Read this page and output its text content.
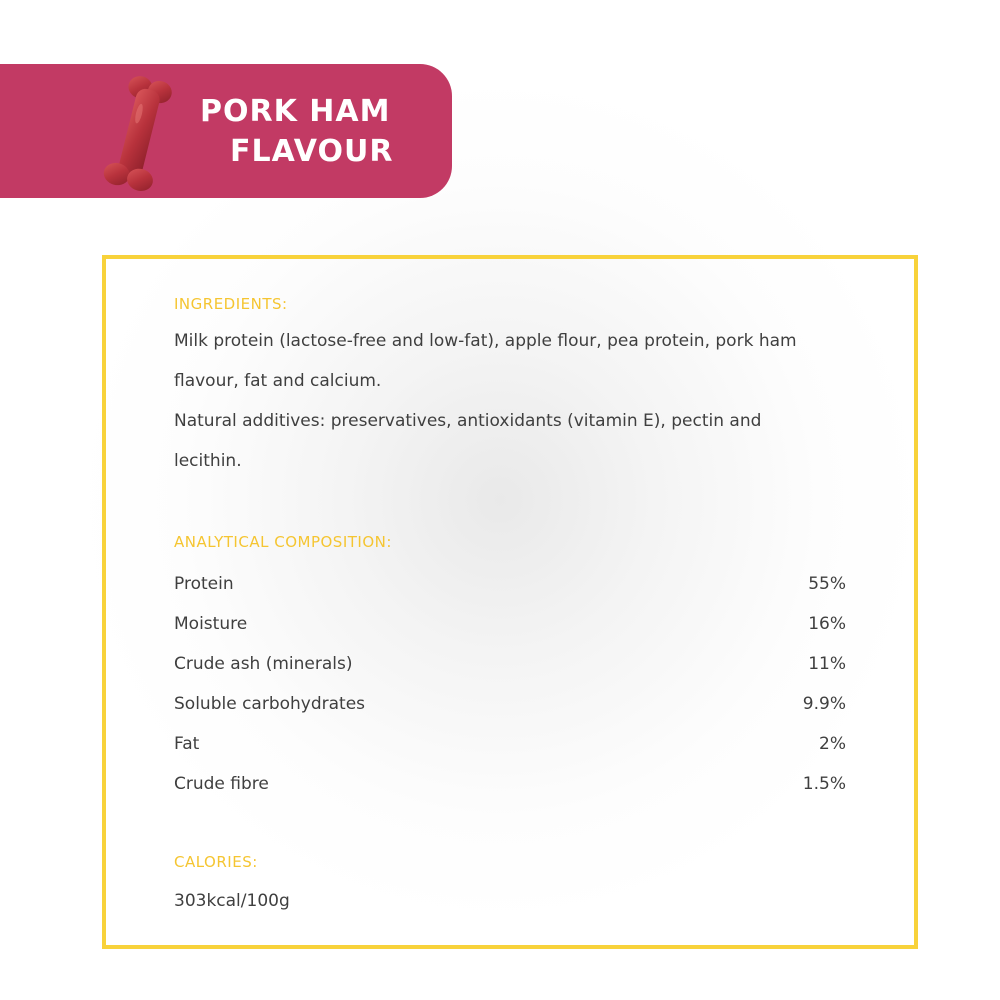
PORK HAM
FLAVOUR
INGREDIENTS:

Milk protein (lactose-free and low-fat), apple flour, pea protein, pork ham flavour, fat and calcium.

Natural additives: preservatives, antioxidants (vitamin E), pectin and lecithin.

ANALYTICAL COMPOSITION:
Protein	55%
Moisture	16%
Crude ash (minerals)	11%
Soluble carbohydrates	9.9%
Fat	2%
Crude fibre	1.5%
CALORIES:
303kcal/100g
